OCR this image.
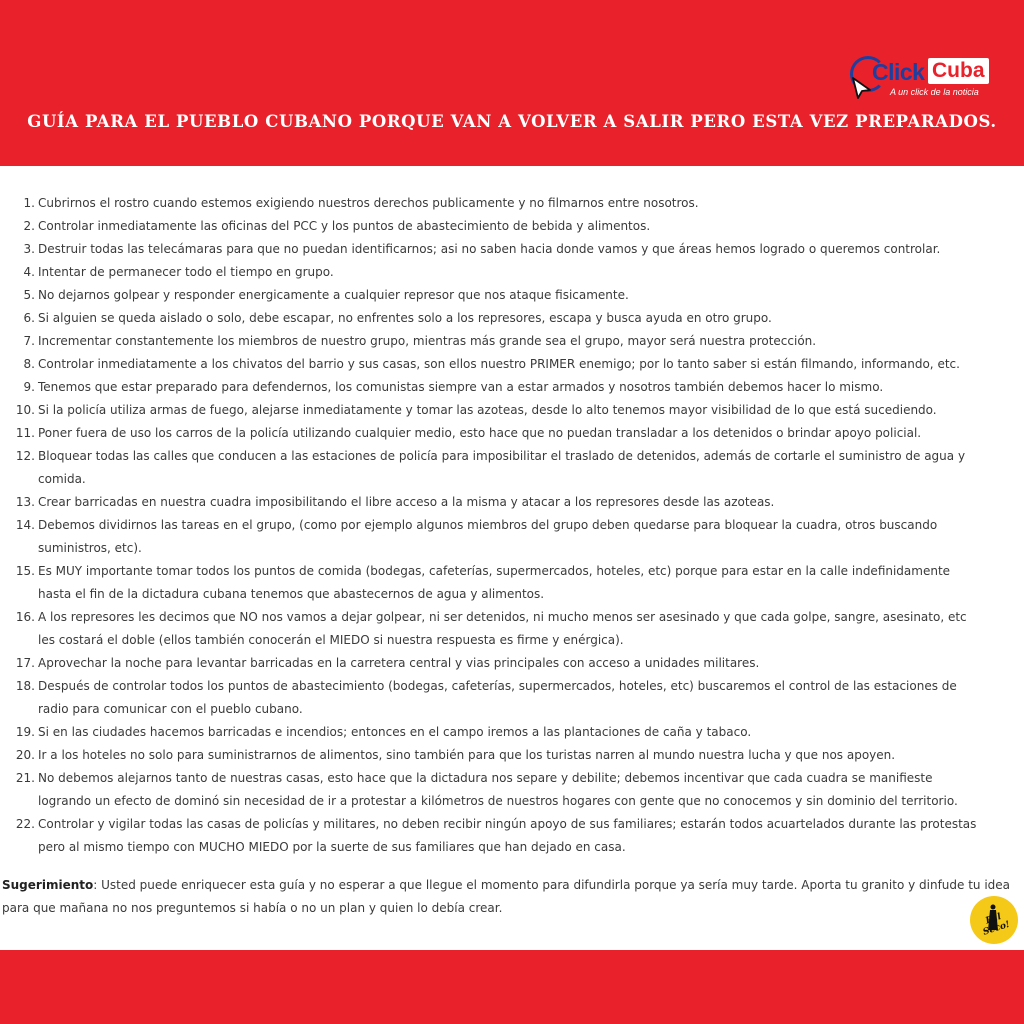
Click Cuba
A un click de la noticia
GUÍA PARA EL PUEBLO CUBANO PORQUE VAN A VOLVER A SALIR PERO ESTA VEZ PREPARADOS.
1. Cubrirnos el rostro cuando estemos exigiendo nuestros derechos publicamente y no filmarnos entre nosotros.
2. Controlar inmediatamente las oficinas del PCC y los puntos de abastecimiento de bebida y alimentos.
3. Destruir todas las telecámaras para que no puedan identificarnos; asi no saben hacia donde vamos y que áreas hemos logrado o queremos controlar.
4. Intentar de permanecer todo el tiempo en grupo.
5. No dejarnos golpear y responder energicamente a cualquier represor que nos ataque fisicamente.
6. Si alguien se queda aislado o solo, debe escapar, no enfrentes solo a los represores, escapa y busca ayuda en otro grupo.
7. Incrementar constantemente los miembros de nuestro grupo, mientras más grande sea el grupo, mayor será nuestra protección.
8. Controlar inmediatamente a los chivatos del barrio y sus casas, son ellos nuestro PRIMER enemigo; por lo tanto saber si están filmando, informando, etc.
9. Tenemos que estar preparado para defendernos, los comunistas siempre van a estar armados y nosotros también debemos hacer lo mismo.
10. Si la policía utiliza armas de fuego, alejarse inmediatamente y tomar las azoteas, desde lo alto tenemos mayor visibilidad de lo que está sucediendo.
11. Poner fuera de uso los carros de la policía utilizando cualquier medio, esto hace que no puedan transladar a los detenidos o brindar apoyo policial.
12. Bloquear todas las calles que conducen a las estaciones de policía para imposibilitar el traslado de detenidos, además de cortarle el suministro de agua y comida.
13. Crear barricadas en nuestra cuadra imposibilitando el libre acceso a la misma y atacar a los represores desde las azoteas.
14. Debemos dividirnos las tareas en el grupo, (como por ejemplo algunos miembros del grupo deben quedarse para bloquear la cuadra, otros buscando suministros, etc).
15. Es MUY importante tomar todos los puntos de comida (bodegas, cafeterías, supermercados, hoteles, etc) porque para estar en la calle indefinidamente hasta el fin de la dictadura cubana tenemos que abastecernos de agua y alimentos.
16. A los represores les decimos que NO nos vamos a dejar golpear, ni ser detenidos, ni mucho menos ser asesinado y que cada golpe, sangre, asesinato, etc les costará el doble (ellos también conocerán el MIEDO si nuestra respuesta es firme y enérgica).
17. Aprovechar la noche para levantar barricadas en la carretera central y vias principales con acceso a unidades militares.
18. Después de controlar todos los puntos de abastecimiento (bodegas, cafeterías, supermercados, hoteles, etc) buscaremos el control de las estaciones de radio para comunicar con el pueblo cubano.
19. Si en las ciudades hacemos barricadas e incendios; entonces en el campo iremos a las plantaciones de caña y tabaco.
20. Ir a los hoteles no solo para suministrarnos de alimentos, sino también para que los turistas narren al mundo nuestra lucha y que nos apoyen.
21. No debemos alejarnos tanto de nuestras casas, esto hace que la dictadura nos separe y debilite; debemos incentivar que cada cuadra se manifieste logrando un efecto de dominó sin necesidad de ir a protestar a kilómetros de nuestros hogares con gente que no conocemos y sin dominio del territorio.
22. Controlar y vigilar todas las casas de policías y militares, no deben recibir ningún apoyo de sus familiares; estarán todos acuartelados durante las protestas pero al mismo tiempo con MUCHO MIEDO por la suerte de sus familiares que han dejado en casa.
Sugerimiento: Usted puede enriquecer esta guía y no esperar a que llegue el momento para difundirla porque ya sería muy tarde. Aporta tu granito y dinfude tu idea para que mañana no nos preguntemos si había o no un plan y quien lo debía crear.
Pal Seco!
